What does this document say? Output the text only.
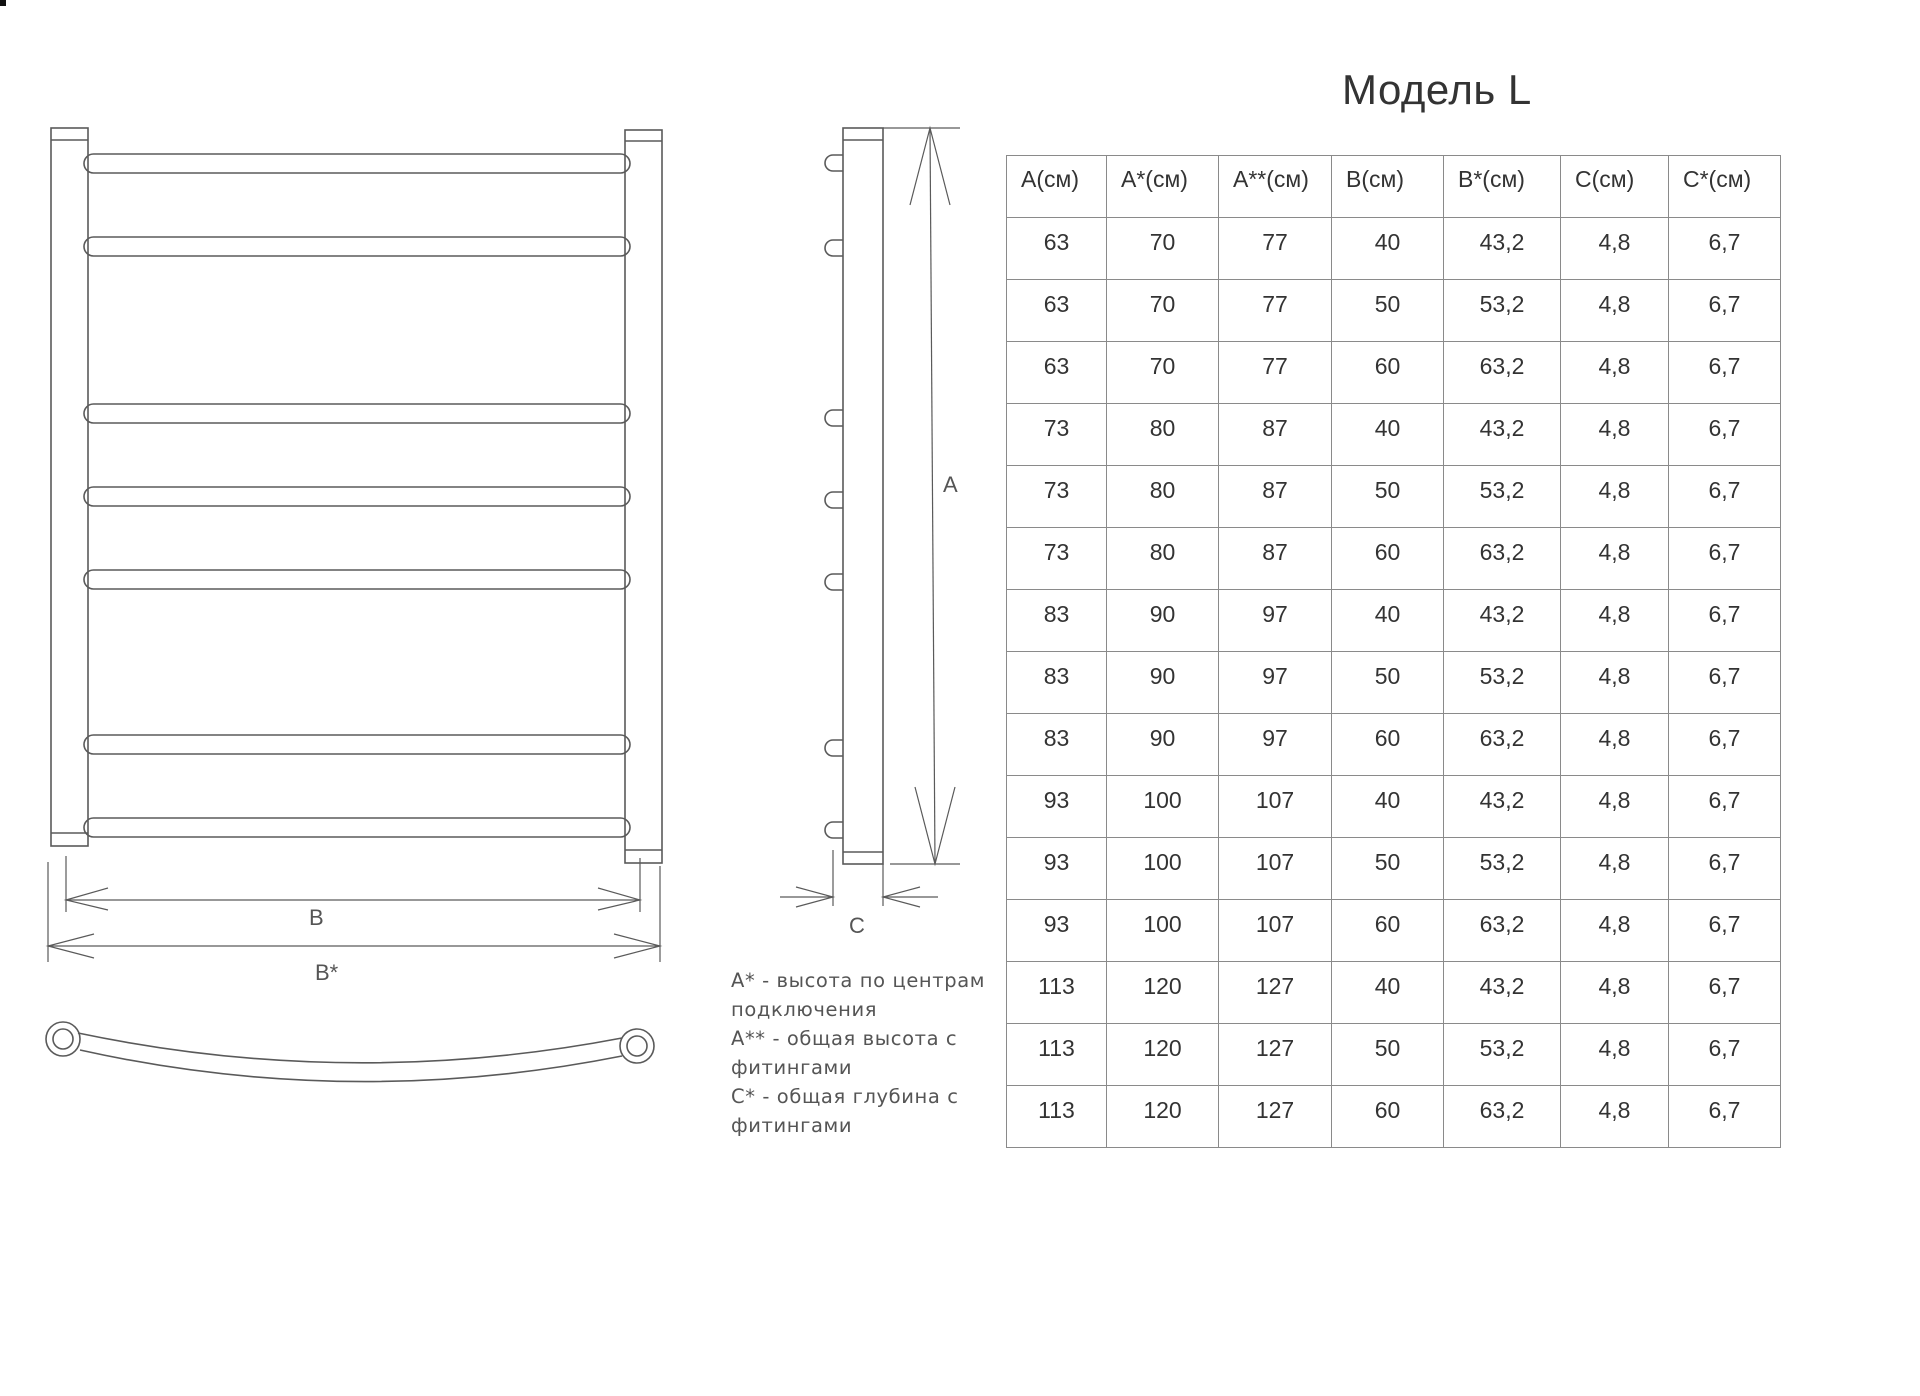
B
B*
A
C
Модель L
А* - высота по центрам
подключения
А** - общая высота с
фитингами
С* - общая глубина с
фитингами
А(см)	А*(см)	А**(см)	В(см)	В*(см)	С(см)	С*(см)
63	70	77	40	43,2	4,8	6,7
63	70	77	50	53,2	4,8	6,7
63	70	77	60	63,2	4,8	6,7
73	80	87	40	43,2	4,8	6,7
73	80	87	50	53,2	4,8	6,7
73	80	87	60	63,2	4,8	6,7
83	90	97	40	43,2	4,8	6,7
83	90	97	50	53,2	4,8	6,7
83	90	97	60	63,2	4,8	6,7
93	100	107	40	43,2	4,8	6,7
93	100	107	50	53,2	4,8	6,7
93	100	107	60	63,2	4,8	6,7
113	120	127	40	43,2	4,8	6,7
113	120	127	50	53,2	4,8	6,7
113	120	127	60	63,2	4,8	6,7
